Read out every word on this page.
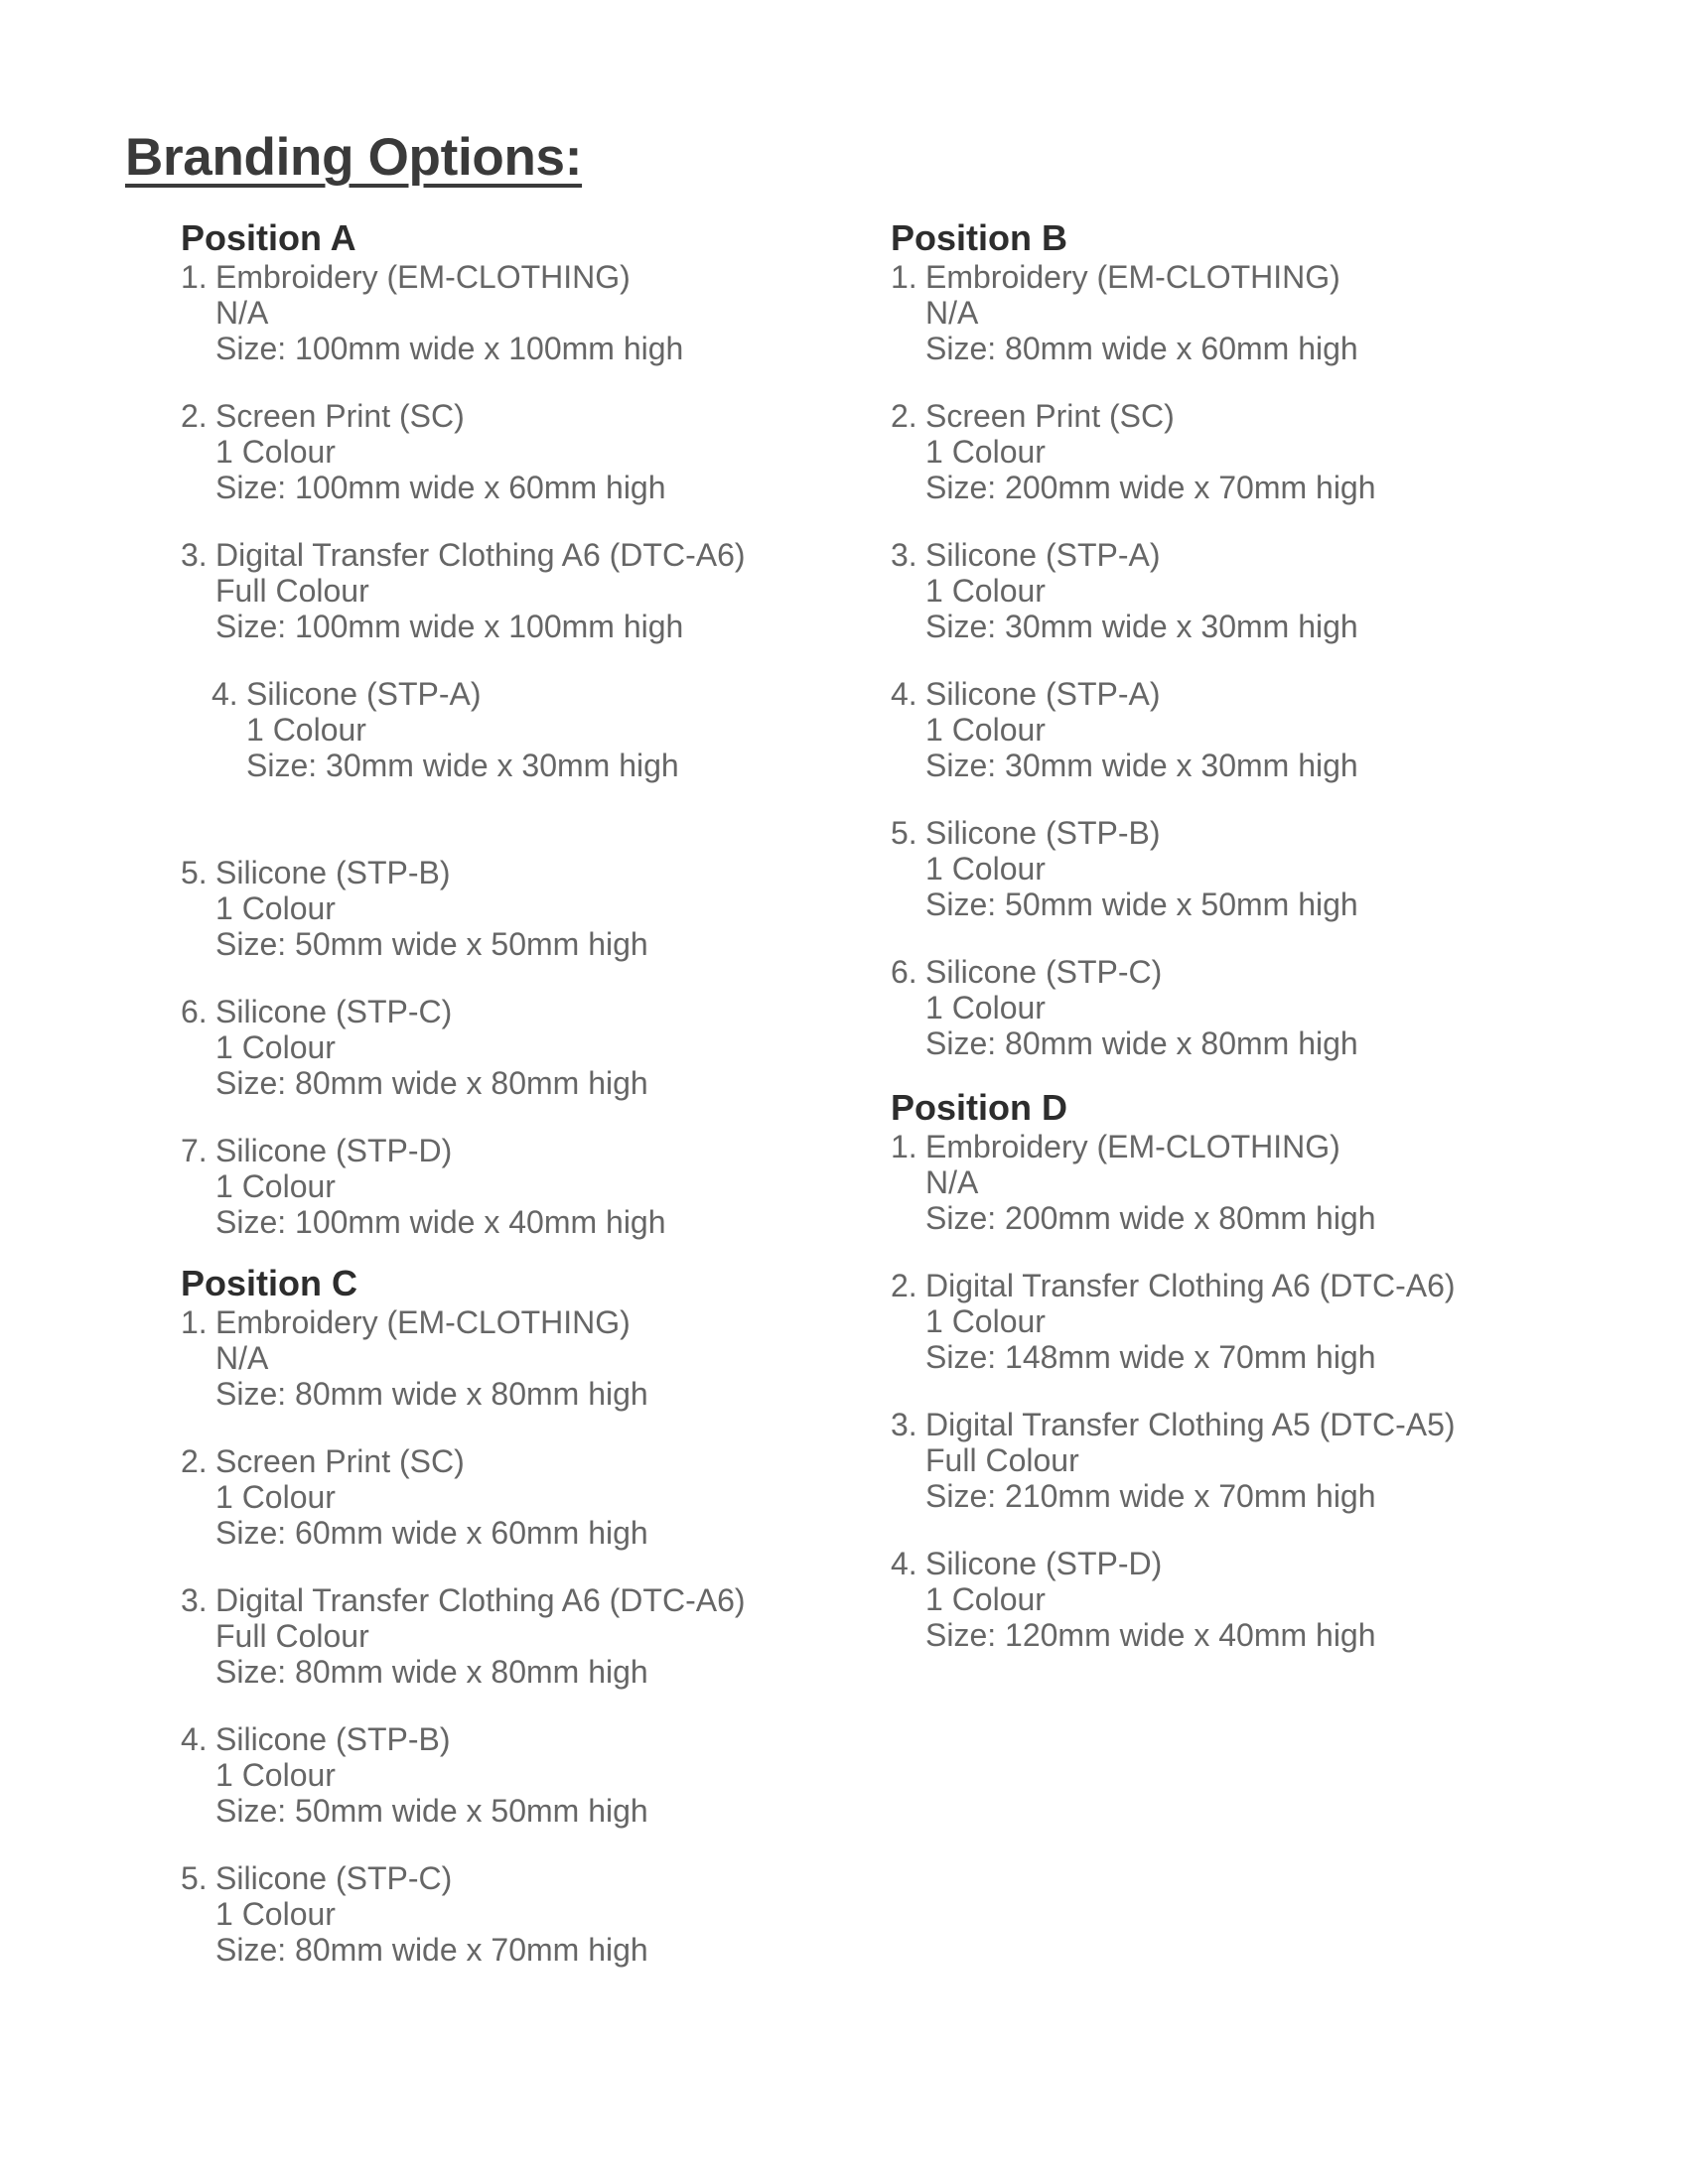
Branding Options:
Position A
1. Embroidery (EM-CLOTHING)
N/A
Size: 100mm wide x 100mm high
2. Screen Print (SC)
1 Colour
Size: 100mm wide x 60mm high
3. Digital Transfer Clothing A6 (DTC-A6)
Full Colour
Size: 100mm wide x 100mm high
4. Silicone (STP-A)
1 Colour
Size: 30mm wide x 30mm high
5. Silicone (STP-B)
1 Colour
Size: 50mm wide x 50mm high
6. Silicone (STP-C)
1 Colour
Size: 80mm wide x 80mm high
7. Silicone (STP-D)
1 Colour
Size: 100mm wide x 40mm high
Position C
1. Embroidery (EM-CLOTHING)
N/A
Size: 80mm wide x 80mm high
2. Screen Print (SC)
1 Colour
Size: 60mm wide x 60mm high
3. Digital Transfer Clothing A6 (DTC-A6)
Full Colour
Size: 80mm wide x 80mm high
4. Silicone (STP-B)
1 Colour
Size: 50mm wide x 50mm high
5. Silicone (STP-C)
1 Colour
Size: 80mm wide x 70mm high
Position B
1. Embroidery (EM-CLOTHING)
N/A
Size: 80mm wide x 60mm high
2. Screen Print (SC)
1 Colour
Size: 200mm wide x 70mm high
3. Silicone (STP-A)
1 Colour
Size: 30mm wide x 30mm high
4. Silicone (STP-A)
1 Colour
Size: 30mm wide x 30mm high
5. Silicone (STP-B)
1 Colour
Size: 50mm wide x 50mm high
6. Silicone (STP-C)
1 Colour
Size: 80mm wide x 80mm high
Position D
1. Embroidery (EM-CLOTHING)
N/A
Size: 200mm wide x 80mm high
2. Digital Transfer Clothing A6 (DTC-A6)
1 Colour
Size: 148mm wide x 70mm high
3. Digital Transfer Clothing A5 (DTC-A5)
Full Colour
Size: 210mm wide x 70mm high
4. Silicone (STP-D)
1 Colour
Size: 120mm wide x 40mm high
